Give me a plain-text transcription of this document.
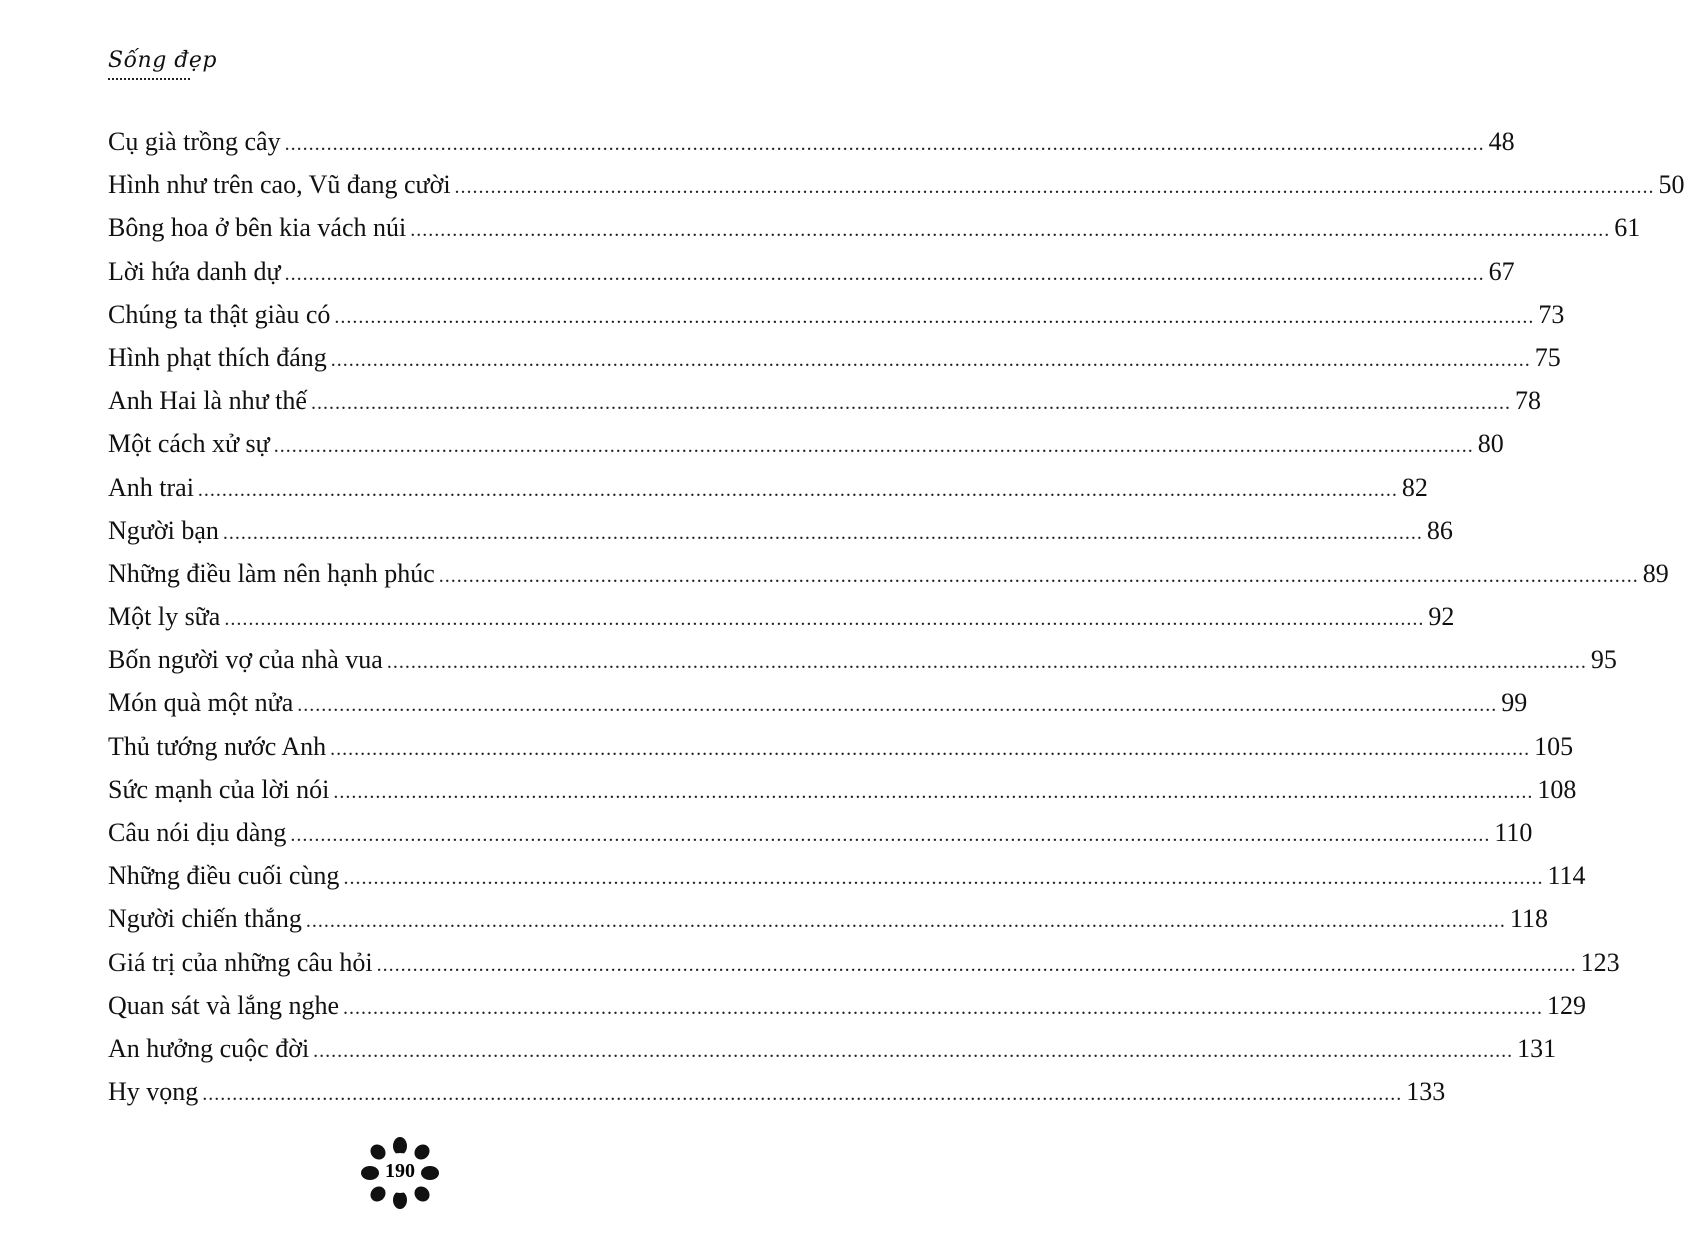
Sống đẹp
Cụ già trồng cây ........................................................................................................................................................................................................ 48
Hình như trên cao, Vũ đang cười ........................................................................................................................................................................................................ 50
Bông hoa ở bên kia vách núi ........................................................................................................................................................................................................ 61
Lời hứa danh dự ........................................................................................................................................................................................................ 67
Chúng ta thật giàu có ........................................................................................................................................................................................................ 73
Hình phạt thích đáng ........................................................................................................................................................................................................ 75
Anh Hai là như thế ........................................................................................................................................................................................................ 78
Một cách xử sự ........................................................................................................................................................................................................ 80
Anh trai ........................................................................................................................................................................................................ 82
Người bạn ........................................................................................................................................................................................................ 86
Những điều làm nên hạnh phúc ........................................................................................................................................................................................................ 89
Một ly sữa ........................................................................................................................................................................................................ 92
Bốn người vợ của nhà vua ........................................................................................................................................................................................................ 95
Món quà một nửa ........................................................................................................................................................................................................ 99
Thủ tướng nước Anh ........................................................................................................................................................................................................ 105
Sức mạnh của lời nói ........................................................................................................................................................................................................ 108
Câu nói dịu dàng ........................................................................................................................................................................................................ 110
Những điều cuối cùng ........................................................................................................................................................................................................ 114
Người chiến thắng ........................................................................................................................................................................................................ 118
Giá trị của những câu hỏi ........................................................................................................................................................................................................ 123
Quan sát và lắng nghe ........................................................................................................................................................................................................ 129
An hưởng cuộc đời ........................................................................................................................................................................................................ 131
Hy vọng ........................................................................................................................................................................................................ 133
190
